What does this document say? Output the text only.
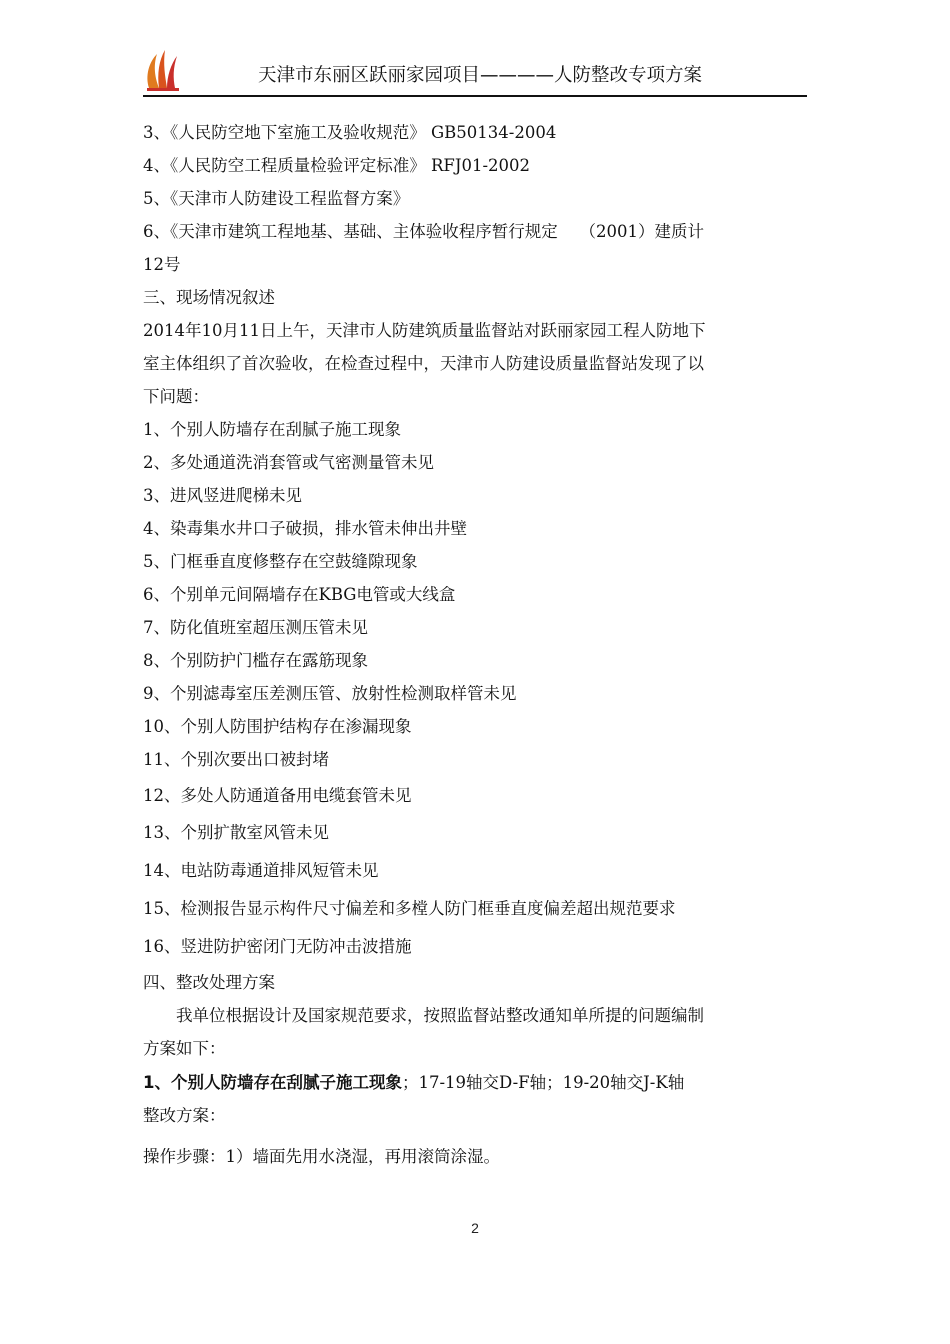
天津市东丽区跃丽家园项目————人防整改专项方案
3、《人民防空地下室施工及验收规范》 GB50134-2004
4、《人民防空工程质量检验评定标准》 RFJ01-2002
5、《天津市人防建设工程监督方案》
6、《天津市建筑工程地基、基础、主体验收程序暂行规定　 （2001）建质计
12号
三、现场情况叙述
2014年10月11日上午，天津市人防建筑质量监督站对跃丽家园工程人防地下
室主体组织了首次验收，在检查过程中，天津市人防建设质量监督站发现了以
下问题：
1、个别人防墙存在刮腻子施工现象
2、多处通道洗消套管或气密测量管未见
3、进风竖进爬梯未见
4、染毒集水井口子破损，排水管未伸出井壁
5、门框垂直度修整存在空鼓缝隙现象
6、个别单元间隔墙存在KBG电管或大线盒
7、防化值班室超压测压管未见
8、个别防护门槛存在露筋现象
9、个别滤毒室压差测压管、放射性检测取样管未见
10、个别人防围护结构存在渗漏现象
11、个别次要出口被封堵
12、多处人防通道备用电缆套管未见
13、个别扩散室风管未见
14、电站防毒通道排风短管未见
15、检测报告显示构件尺寸偏差和多樘人防门框垂直度偏差超出规范要求
16、竖进防护密闭门无防冲击波措施
四、整改处理方案
　　我单位根据设计及国家规范要求，按照监督站整改通知单所提的问题编制
方案如下：
1、个别人防墙存在刮腻子施工现象；17-19轴交D-F轴；19-20轴交J-K轴
整改方案：
操作步骤：1）墙面先用水浇湿，再用滚筒涂湿。
2
